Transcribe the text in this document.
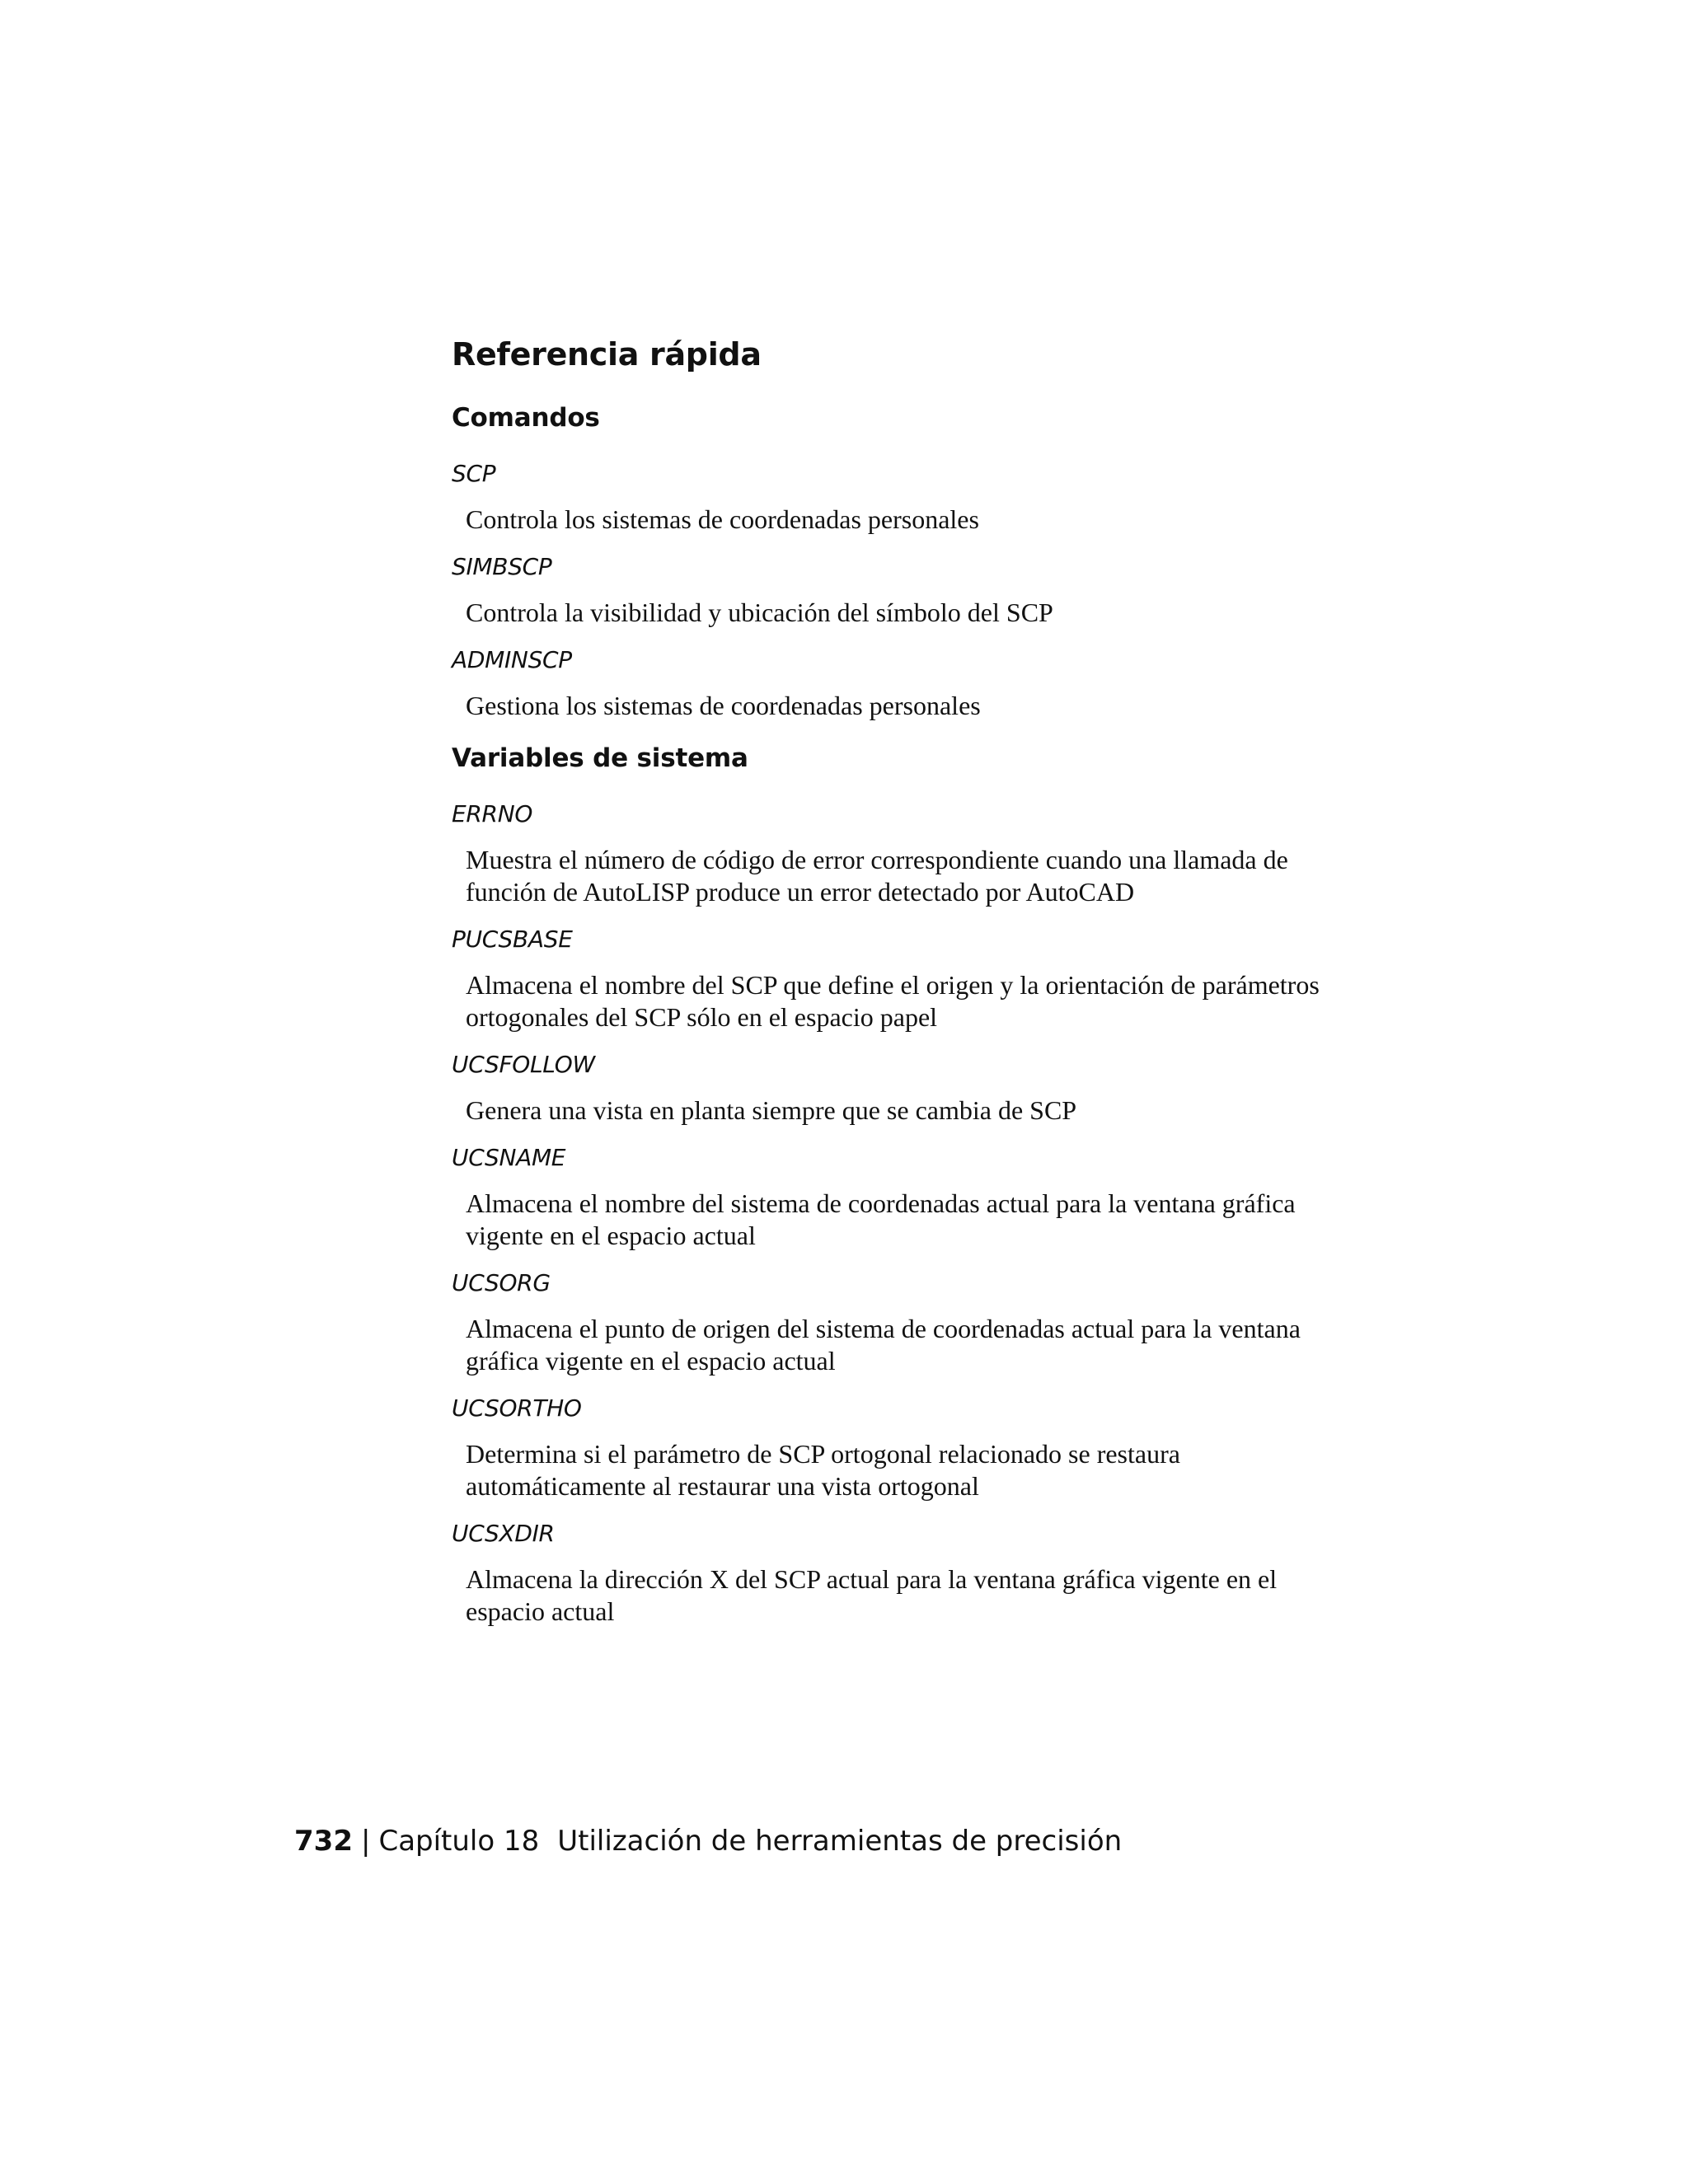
Referencia rápida
Comandos
SCP
Controla los sistemas de coordenadas personales
SIMBSCP
Controla la visibilidad y ubicación del símbolo del SCP
ADMINSCP
Gestiona los sistemas de coordenadas personales
Variables de sistema
ERRNO
Muestra el número de código de error correspondiente cuando una llamada de función de AutoLISP produce un error detectado por AutoCAD
PUCSBASE
Almacena el nombre del SCP que define el origen y la orientación de parámetros ortogonales del SCP sólo en el espacio papel
UCSFOLLOW
Genera una vista en planta siempre que se cambia de SCP
UCSNAME
Almacena el nombre del sistema de coordenadas actual para la ventana gráfica vigente en el espacio actual
UCSORG
Almacena el punto de origen del sistema de coordenadas actual para la ventana gráfica vigente en el espacio actual
UCSORTHO
Determina si el parámetro de SCP ortogonal relacionado se restaura automáticamente al restaurar una vista ortogonal
UCSXDIR
Almacena la dirección X del SCP actual para la ventana gráfica vigente en el espacio actual
732 | Capítulo 18 Utilización de herramientas de precisión
